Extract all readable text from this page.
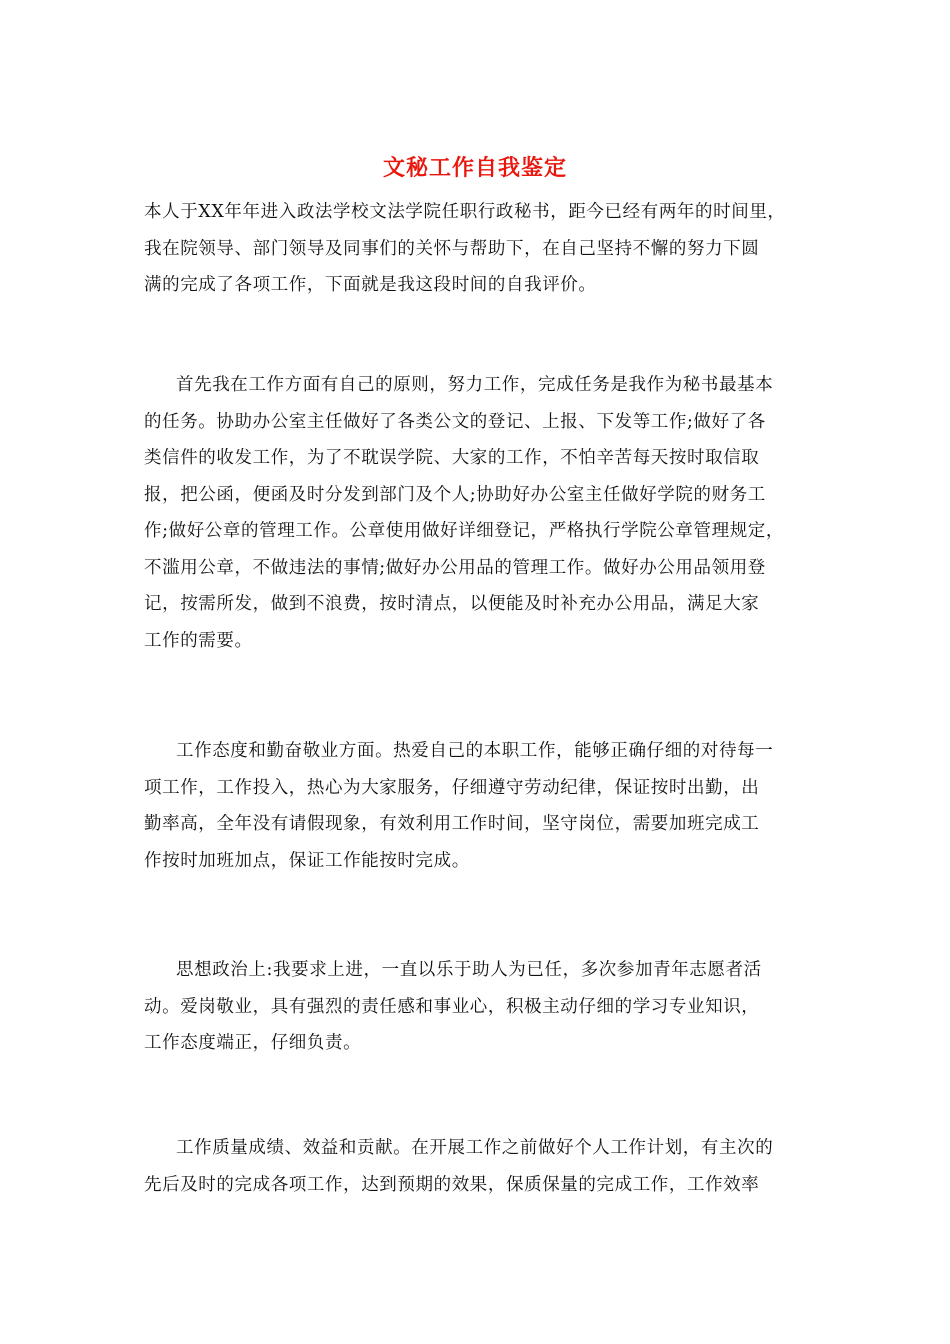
文秘工作自我鉴定
本人于XX年年进入政法学校文法学院任职行政秘书，距今已经有两年的时间里，
我在院领导、部门领导及同事们的关怀与帮助下，在自己坚持不懈的努力下圆
满的完成了各项工作，下面就是我这段时间的自我评价。
首先我在工作方面有自己的原则，努力工作，完成任务是我作为秘书最基本
的任务。协助办公室主任做好了各类公文的登记、上报、下发等工作;做好了各
类信件的收发工作，为了不耽误学院、大家的工作，不怕辛苦每天按时取信取
报，把公函，便函及时分发到部门及个人;协助好办公室主任做好学院的财务工
作;做好公章的管理工作。公章使用做好详细登记，严格执行学院公章管理规定，
不滥用公章，不做违法的事情;做好办公用品的管理工作。做好办公用品领用登
记，按需所发，做到不浪费，按时清点，以便能及时补充办公用品，满足大家
工作的需要。
工作态度和勤奋敬业方面。热爱自己的本职工作，能够正确仔细的对待每一
项工作，工作投入，热心为大家服务，仔细遵守劳动纪律，保证按时出勤，出
勤率高，全年没有请假现象，有效利用工作时间，坚守岗位，需要加班完成工
作按时加班加点，保证工作能按时完成。
思想政治上:我要求上进，一直以乐于助人为已任，多次参加青年志愿者活
动。爱岗敬业，具有强烈的责任感和事业心，积极主动仔细的学习专业知识，
工作态度端正，仔细负责。
工作质量成绩、效益和贡献。在开展工作之前做好个人工作计划，有主次的
先后及时的完成各项工作，达到预期的效果，保质保量的完成工作，工作效率
